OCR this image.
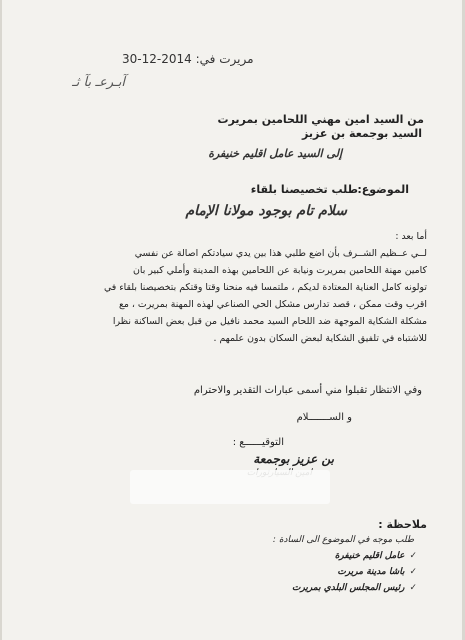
مريرت في: 2014-12-30
آبـرعـ ﺑﺂ ﺛـ
من السيد امين مهني اللحامين بمريرت
السيد بوجمعة بن عزيز
إلى السيد عامل اقليم خنيفرة
الموضوع:
طلب تخصيصنا بلقاء
سلام تام بوجود مولانا الإمام
أما بعد :
لــي عــظيم الشــرف بأن اضع طلبي هذا بين يدي سيادتكم اصالة عن نفسي
كامين مهنة اللحامين بمريرت ونيابة عن اللحامين بهذه المدينة وأملي كبير بان
تولونه كامل العناية المعتادة لديكم ، ملتمسا فيه منحنا وقتا وقتكم بتخصيصنا بلقاء في
اقرب وقت ممكن ، قصد تدارس مشكل الحي الصناعي لهذه المهنة بمريرت ، مع
مشكلة الشكاية الموجهة ضد اللحام السيد محمد نافيل من قبل بعض الساكنة نظرا
للاشتباه في تلفيق الشكاية لبعض السكان بدون علمهم .
وفي الانتظار تقبلوا مني أسمى عبارات التقدير والاحترام
و الســـــــلام
التوقيــــــع :
بن عزيز بوجمعة
ملاحظة :
طلب موجه في الموضوع الى السادة :
✓عامل اقليم خنيفرة
✓باشا مدينة مريرت
✓رئيس المجلس البلدي بمريرت
